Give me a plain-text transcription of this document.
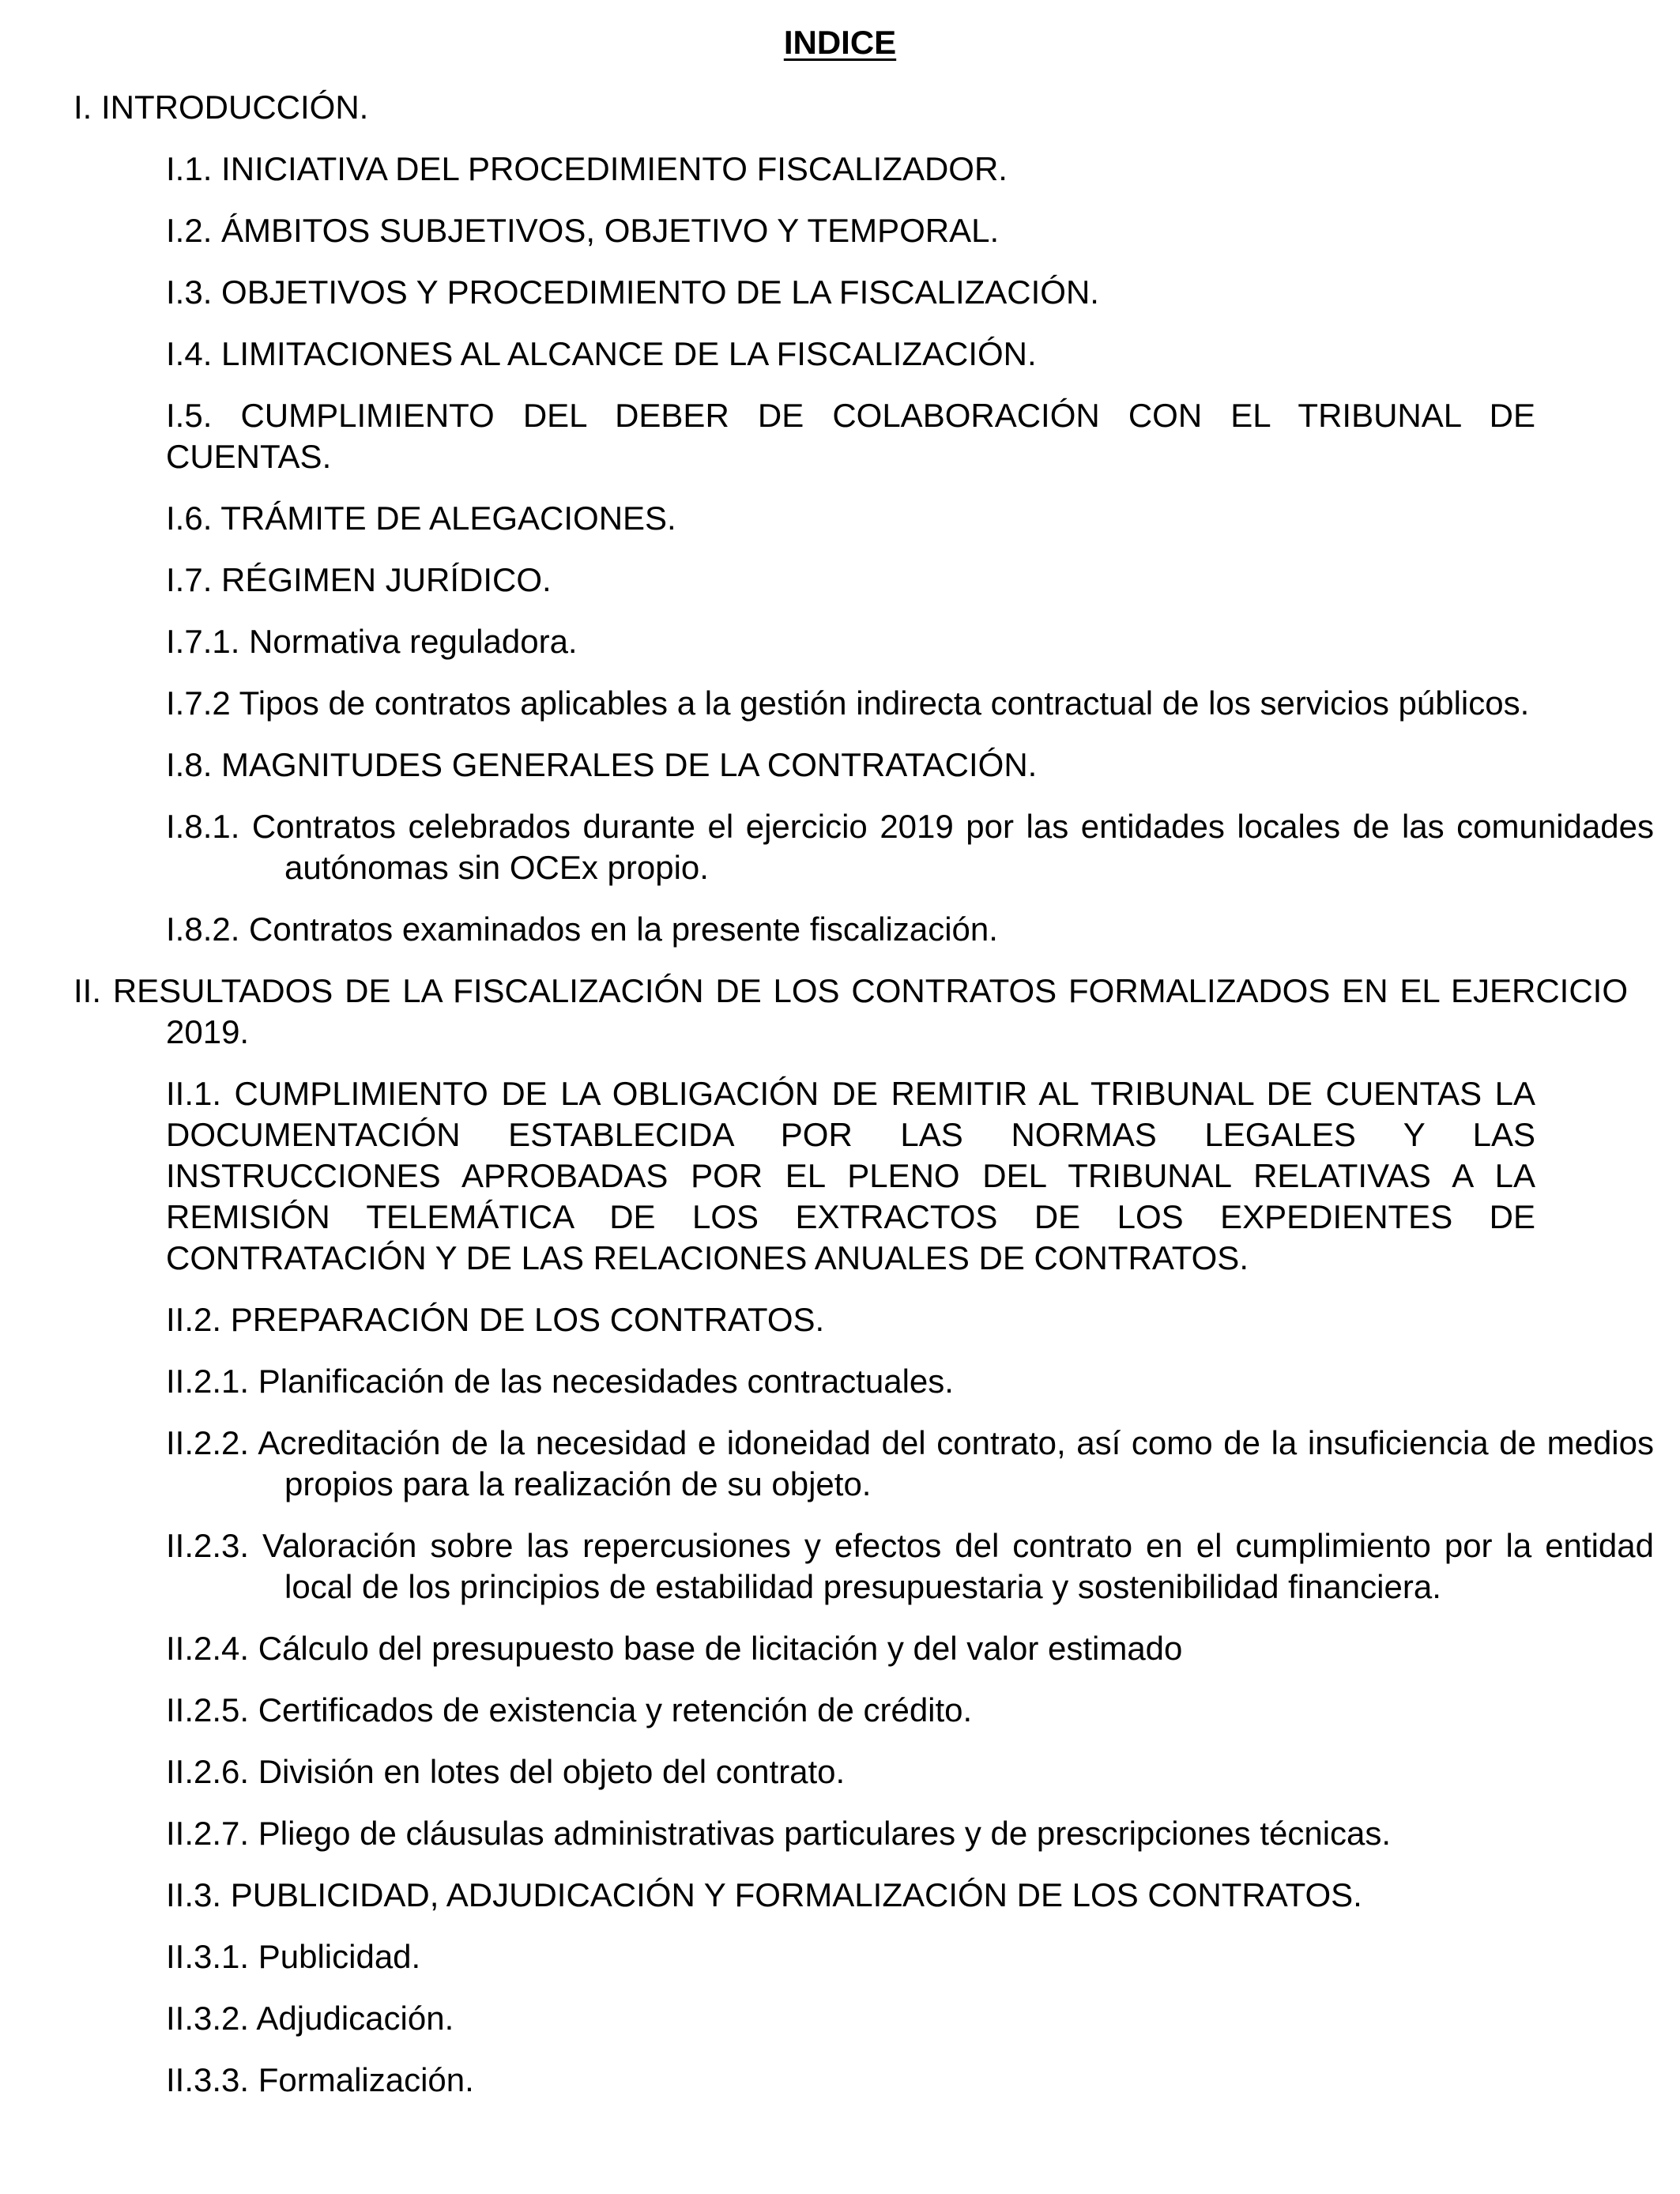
INDICE

I. INTRODUCCIÓN.

I.1. INICIATIVA DEL PROCEDIMIENTO FISCALIZADOR.

I.2. ÁMBITOS SUBJETIVOS, OBJETIVO Y TEMPORAL.

I.3. OBJETIVOS Y PROCEDIMIENTO DE LA FISCALIZACIÓN.

I.4. LIMITACIONES AL ALCANCE DE LA FISCALIZACIÓN.

I.5. CUMPLIMIENTO DEL DEBER DE COLABORACIÓN CON EL TRIBUNAL DE CUENTAS.

I.6. TRÁMITE DE ALEGACIONES.

I.7. RÉGIMEN JURÍDICO.

I.7.1. Normativa reguladora.

I.7.2 Tipos de contratos aplicables a la gestión indirecta contractual de los servicios públicos.

I.8. MAGNITUDES GENERALES DE LA CONTRATACIÓN.

I.8.1. Contratos celebrados durante el ejercicio 2019 por las entidades locales de las comunidades autónomas sin OCEx propio.

I.8.2. Contratos examinados en la presente fiscalización.

II. RESULTADOS DE LA FISCALIZACIÓN DE LOS CONTRATOS FORMALIZADOS EN EL EJERCICIO 2019.

II.1. CUMPLIMIENTO DE LA OBLIGACIÓN DE REMITIR AL TRIBUNAL DE CUENTAS LA DOCUMENTACIÓN ESTABLECIDA POR LAS NORMAS LEGALES Y LAS INSTRUCCIONES APROBADAS POR EL PLENO DEL TRIBUNAL RELATIVAS A LA REMISIÓN TELEMÁTICA DE LOS EXTRACTOS DE LOS EXPEDIENTES DE CONTRATACIÓN Y DE LAS RELACIONES ANUALES DE CONTRATOS.

II.2. PREPARACIÓN DE LOS CONTRATOS.

II.2.1. Planificación de las necesidades contractuales.

II.2.2. Acreditación de la necesidad e idoneidad del contrato, así como de la insuficiencia de medios propios para la realización de su objeto.

II.2.3. Valoración sobre las repercusiones y efectos del contrato en el cumplimiento por la entidad local de los principios de estabilidad presupuestaria y sostenibilidad financiera.

II.2.4. Cálculo del presupuesto base de licitación y del valor estimado

II.2.5. Certificados de existencia y retención de crédito.

II.2.6. División en lotes del objeto del contrato.

II.2.7. Pliego de cláusulas administrativas particulares y de prescripciones técnicas.

II.3. PUBLICIDAD, ADJUDICACIÓN Y FORMALIZACIÓN DE LOS CONTRATOS.

II.3.1. Publicidad.

II.3.2. Adjudicación.

II.3.3. Formalización.
